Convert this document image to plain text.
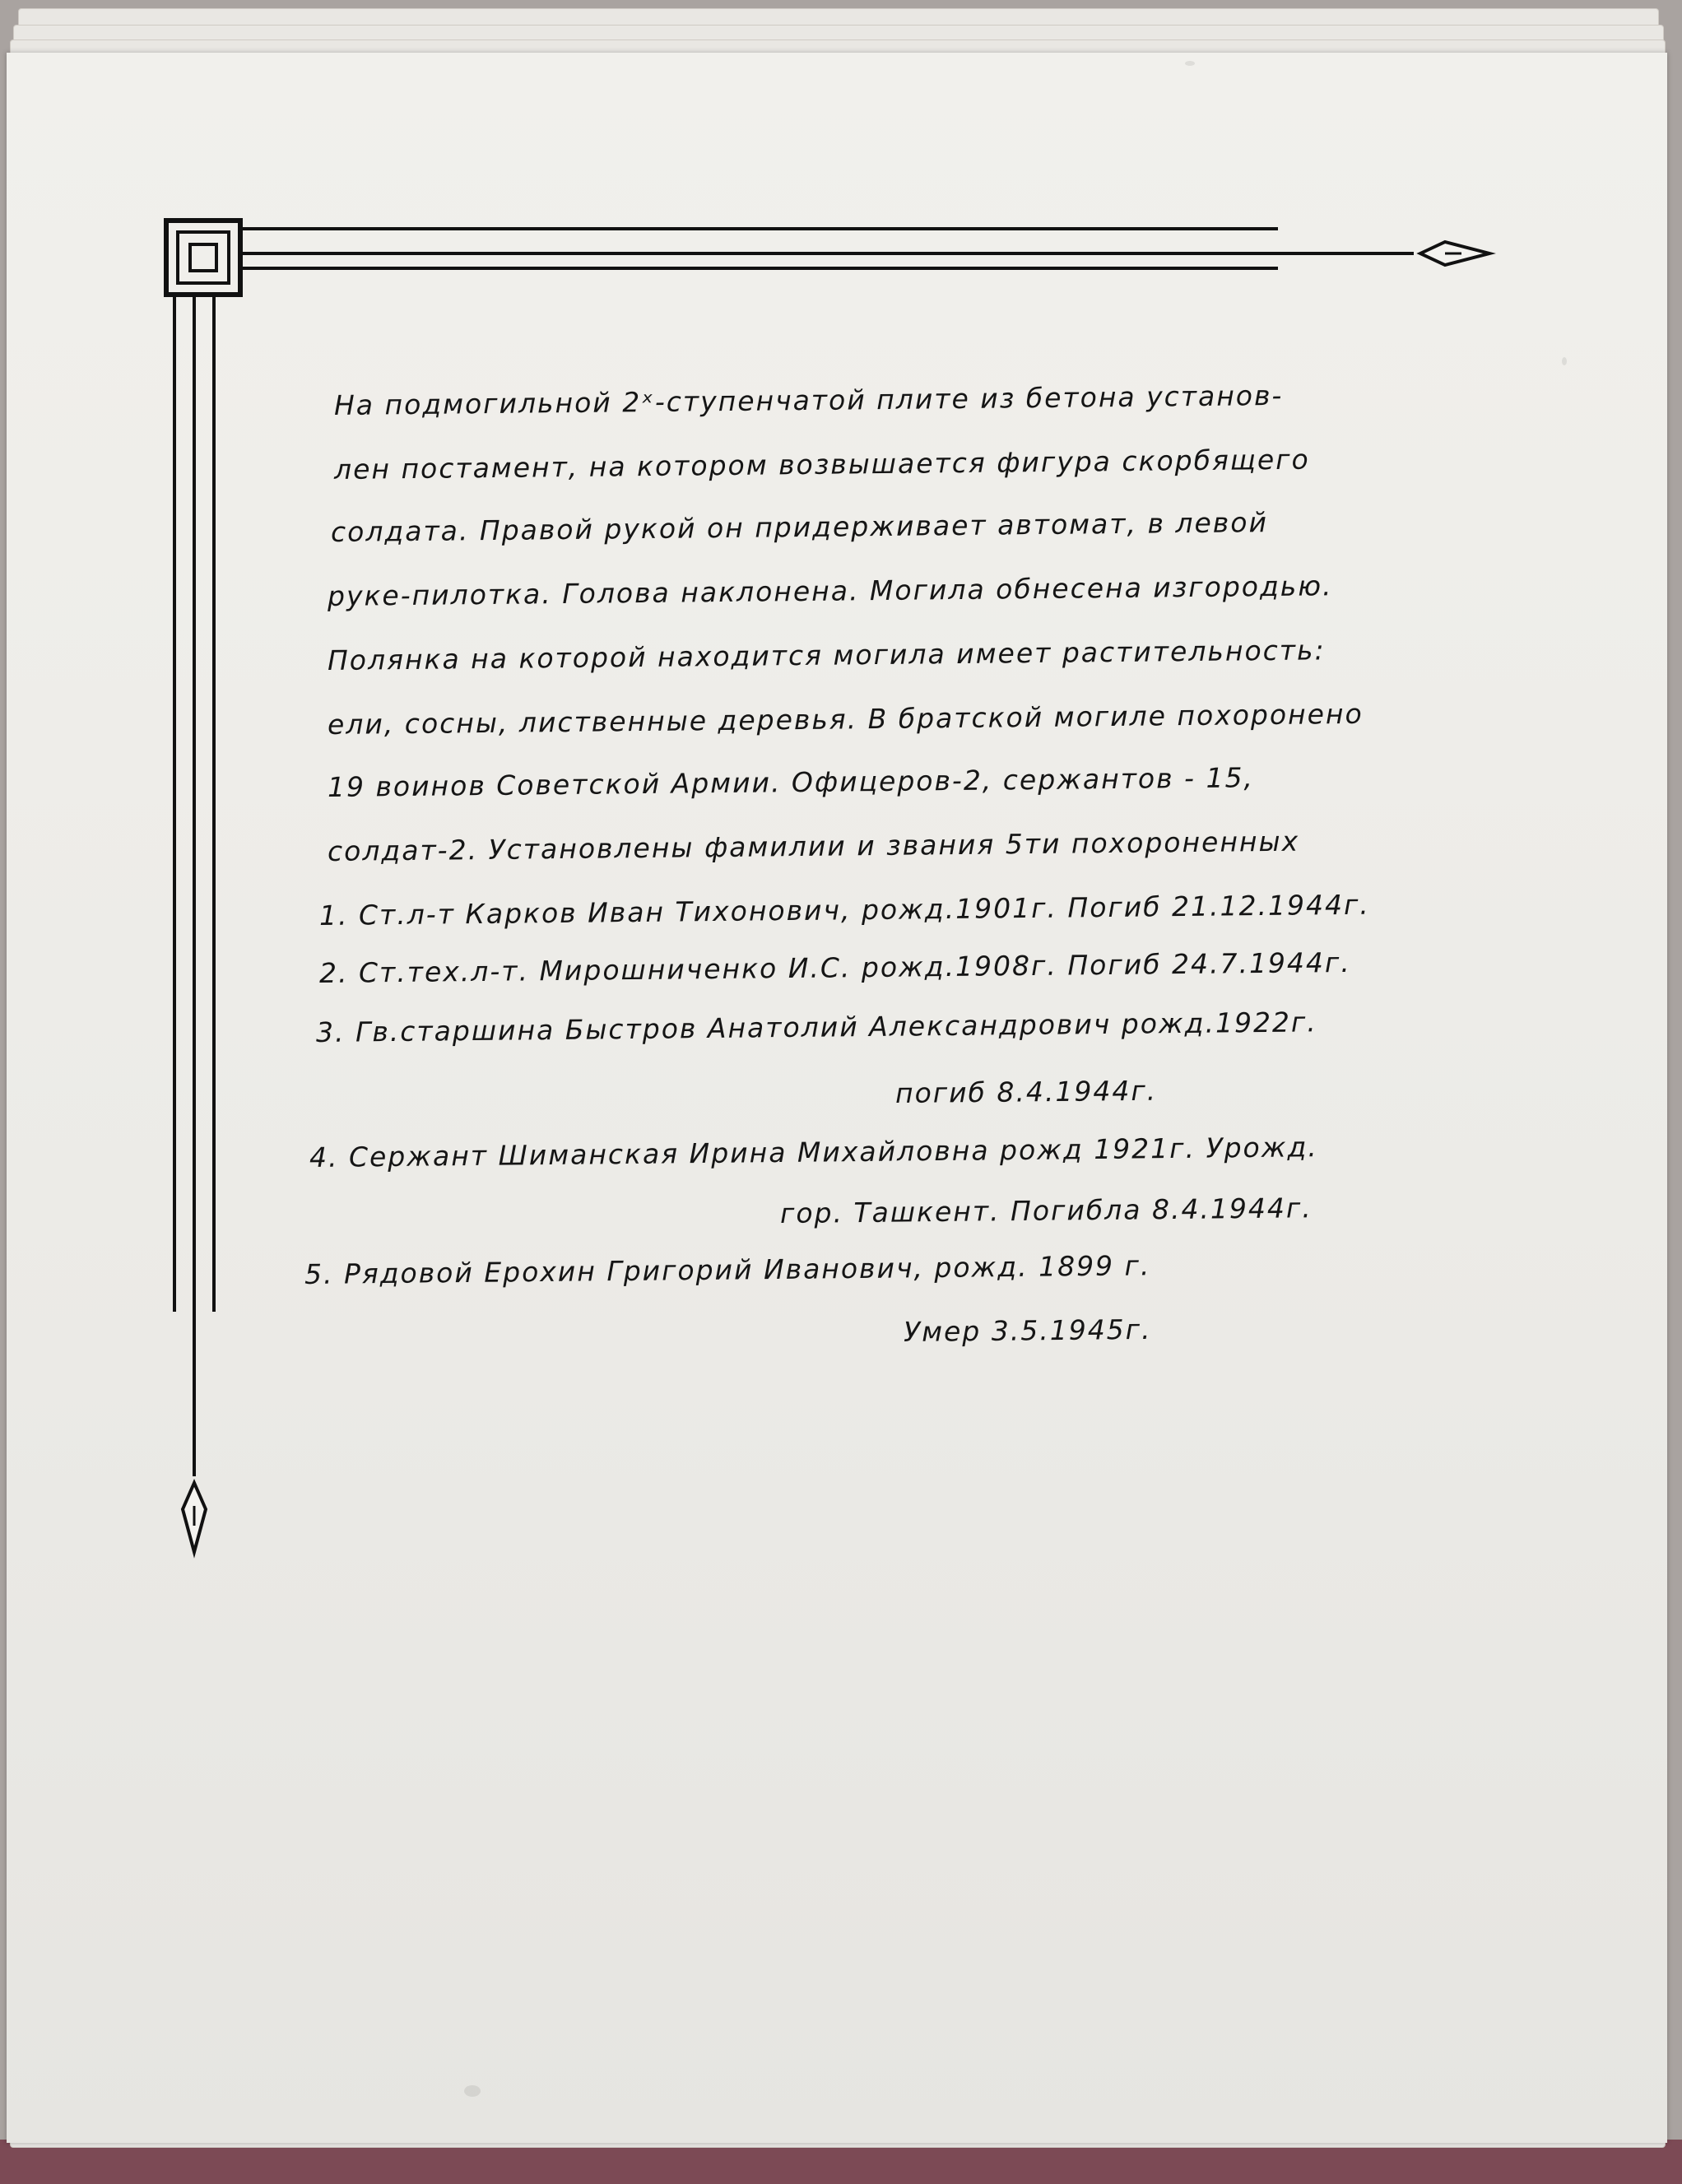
На подмогильной 2ˣ-ступенчатой плите из бетона установ-
лен постамент, на котором возвышается фигура скорбящего
солдата. Правой рукой он придерживает автомат, в левой
руке-пилотка. Голова наклонена. Могила обнесена изгородью.
Полянка на которой находится могила имеет растительность:
ели, сосны, лиственные деревья. В братской могиле похоронено
19 воинов Советской Армии. Офицеров-2, сержантов - 15,
солдат-2. Установлены фамилии и звания 5ти похороненных
1. Ст.л-т Карков Иван Тихонович, рожд.1901г. Погиб 21.12.1944г.
2. Ст.тех.л-т. Мирошниченко И.С. рожд.1908г. Погиб 24.7.1944г.
3. Гв.старшина Быстров Анатолий Александрович рожд.1922г.
погиб 8.4.1944г.
4. Сержант Шиманская Ирина Михайловна рожд 1921г. Урожд.
гор. Ташкент. Погибла 8.4.1944г.
5. Рядовой Ерохин Григорий Иванович, рожд. 1899 г.
Умер 3.5.1945г.
